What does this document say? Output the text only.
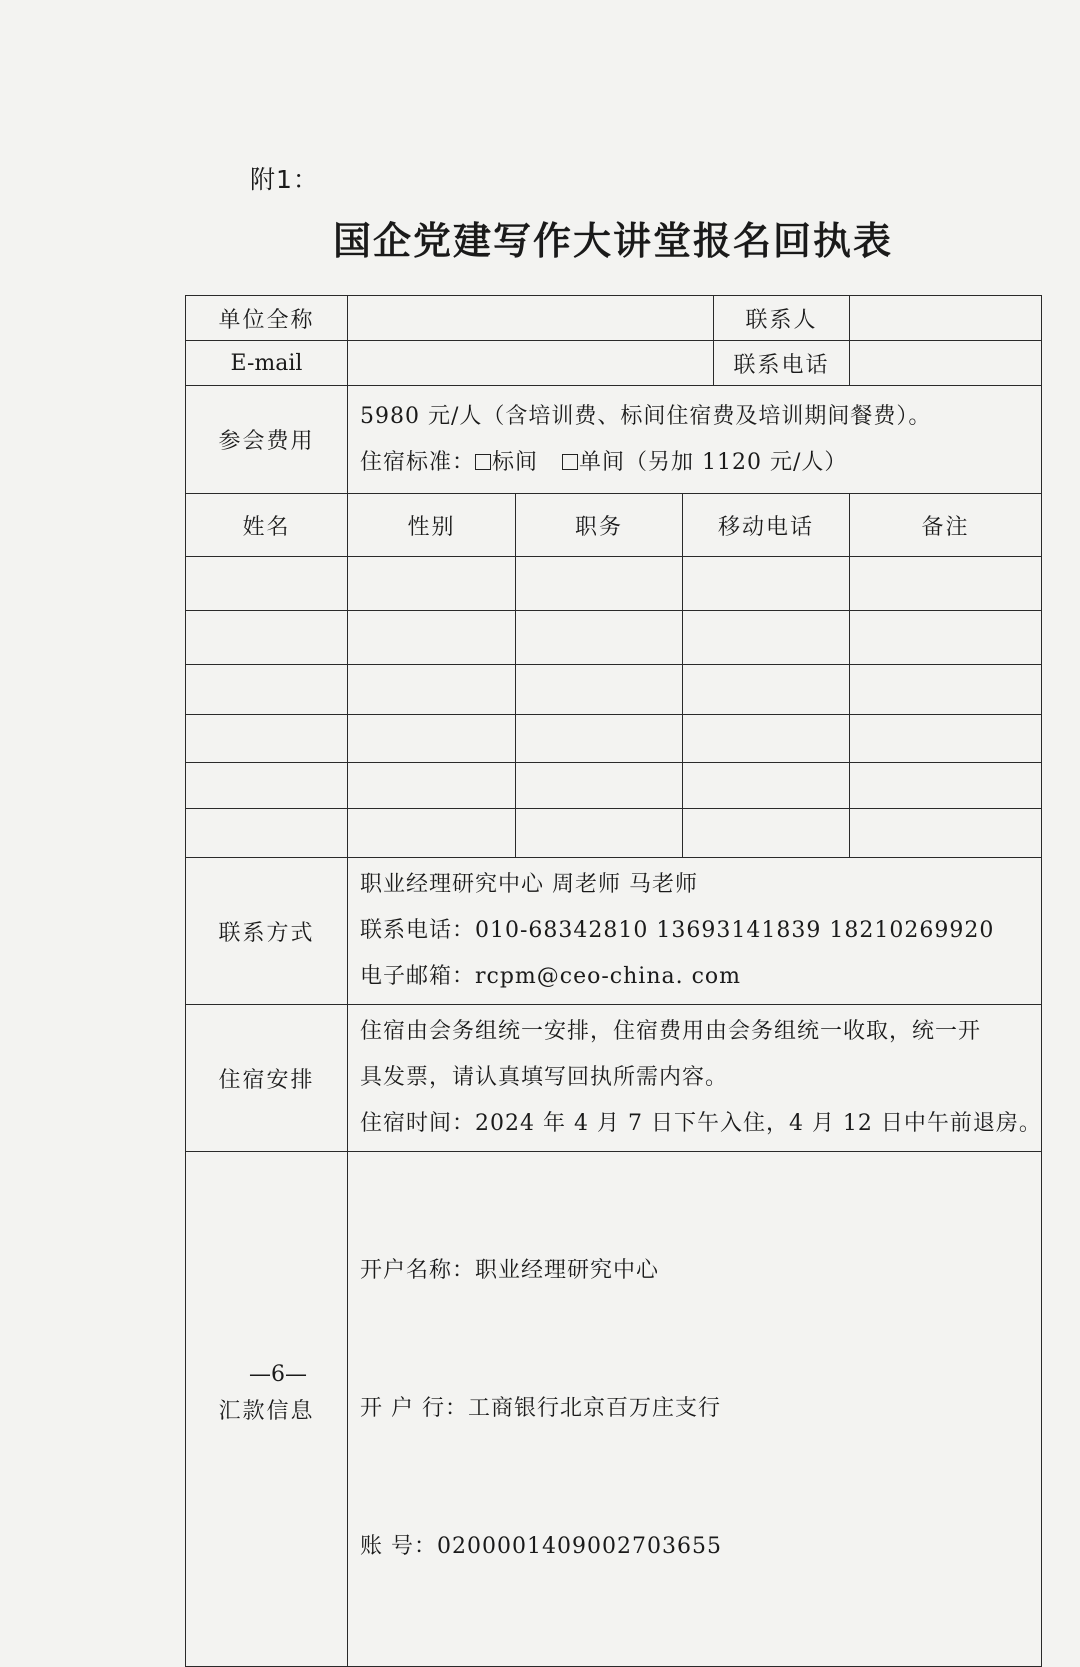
附1：
国企党建写作大讲堂报名回执表
单位全称				联系人	
E-mail				联系电话	
参会费用	5980 元/人（含培训费、标间住宿费及培训期间餐费）。
住宿标准： 标间 单间（另加 1120 元/人）				

姓名	性别	职务	移动电话		备注

联系方式	职业经理研究中心 周老师 马老师
联系电话：010-68342810 13693141839 18210269920
电子邮箱：rcpm@ceo-china. com				

住宿安排	住宿由会务组统一安排，住宿费用由会务组统一收取，统一开
具发票，请认真填写回执所需内容。
住宿时间：2024 年 4 月 7 日下午入住，4 月 12 日中午前退房。				

汇款信息	开户名称：职业经理研究中心

开 户 行：工商银行北京百万庄支行

账 号：0200001409002703655				

—6—
